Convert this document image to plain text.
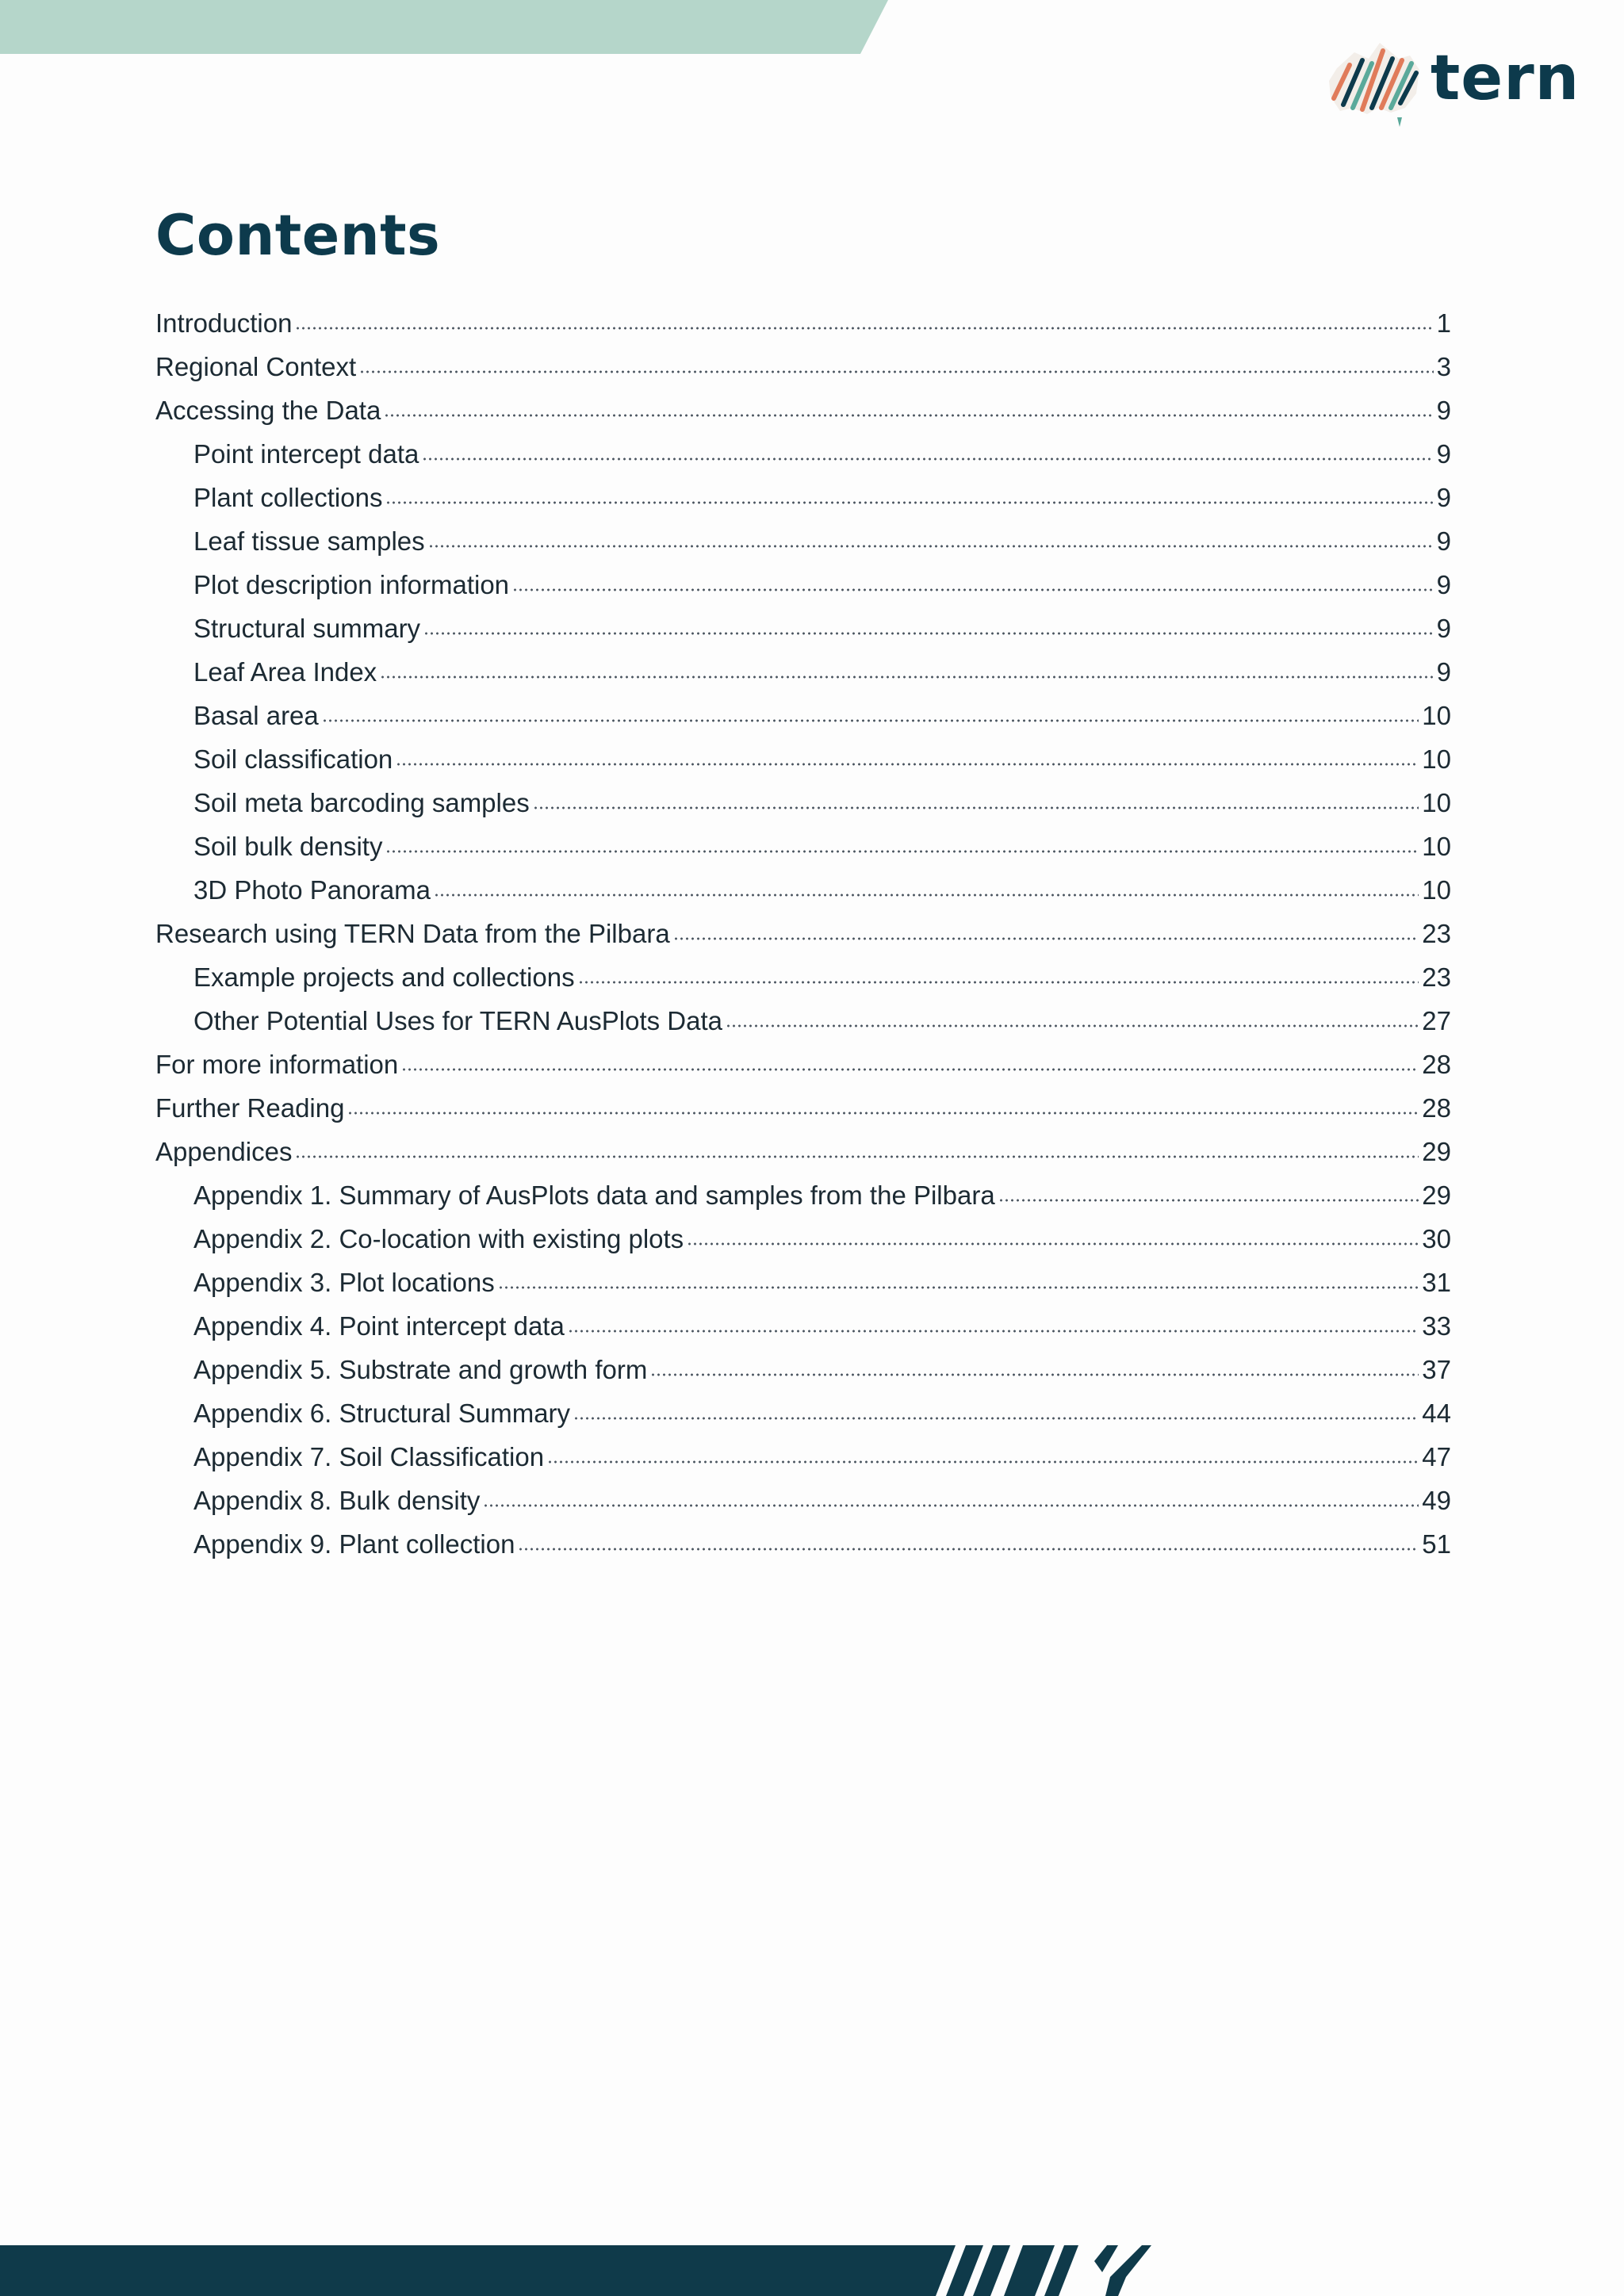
tern
Contents
Introduction	1
Regional Context	3
Accessing the Data	9
Point intercept data	9
Plant collections	9
Leaf tissue samples	9
Plot description information	9
Structural summary	9
Leaf Area Index	9
Basal area	10
Soil classification	10
Soil meta barcoding samples	10
Soil bulk density	10
3D Photo Panorama	10
Research using TERN Data from the Pilbara	23
Example projects and collections	23
Other Potential Uses for TERN AusPlots Data	27
For more information	28
Further Reading	28
Appendices	29
Appendix 1. Summary of AusPlots data and samples from the Pilbara	29
Appendix 2. Co-location with existing plots	30
Appendix 3. Plot locations	31
Appendix 4. Point intercept data	33
Appendix 5. Substrate and growth form	37
Appendix 6. Structural Summary	44
Appendix 7. Soil Classification	47
Appendix 8. Bulk density	49
Appendix 9. Plant collection	51
